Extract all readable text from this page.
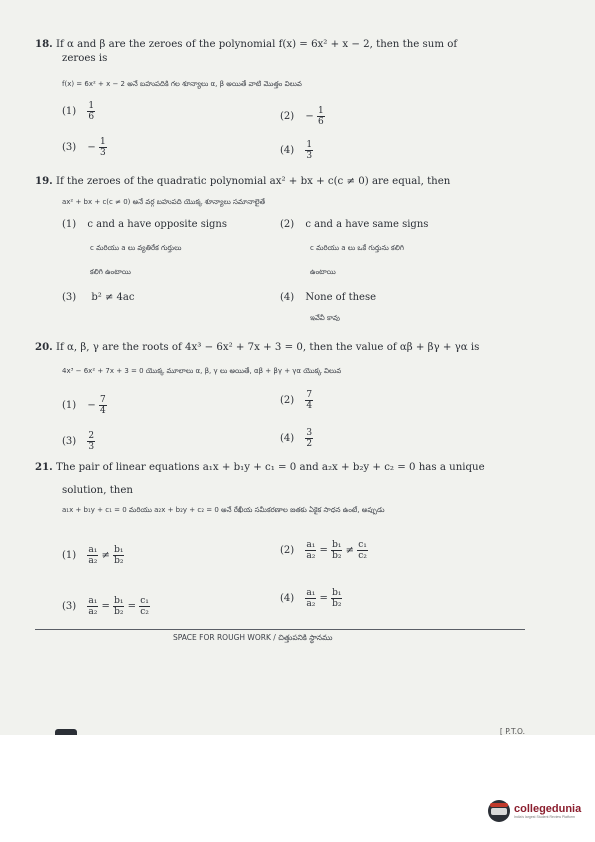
18. If α and β are the zeroes of the polynomial f(x) = 6x² + x − 2, then the sum of
zeroes is
f(x) = 6x² + x − 2 అనే బహుపదికి గల శూన్యాలు α, β అయితే వాటి మొత్తం విలువ
$(1) \frac{1}{6}$	$(2) - \frac{1}{6}$
$(3) - \frac{1}{3}$	$(4) \frac{1}{3}$
19. If the zeroes of the quadratic polynomial ax² + bx + c(c ≠ 0) are equal, then
ax² + bx + c(c ≠ 0) అనే వర్గ బహుపది యొక్క శూన్యాలు సమానాలైతే
(1) c and a have opposite signs
c మరియు a లు వ్యతిరేక గుర్తులు
కలిగి ఉంటాయి
(2) c and a have same signs
c మరియు a లు ఒకే గుర్తును కలిగి
ఉంటాయి
(3) b² ≠ 4ac	(4) None of these
ఇవేవీ కావు
20. If α, β, γ are the roots of 4x³ − 6x² + 7x + 3 = 0, then the value of αβ + βγ + γα is
4x³ − 6x² + 7x + 3 = 0 యొక్క మూలాలు α, β, γ లు అయితే, αβ + βγ + γα యొక్క విలువ
$(1) - \frac{7}{4}$	$(2) \frac{7}{4}$
$(3) \frac{2}{3}$	$(4) \frac{3}{2}$
21. The pair of linear equations a₁x + b₁y + c₁ = 0 and a₂x + b₂y + c₂ = 0 has a unique
solution, then
a₁x + b₁y + c₁ = 0 మరియు a₂x + b₂y + c₂ = 0 అనే రేఖీయ సమీకరణాల జతకు ఏకైక సాధన ఉంటే, అప్పుడు
$(1) \frac{\text{a₁}}{\text{a₂}} \ne \frac{\text{b₁}}{\text{b₂}}$	$(2) \frac{\text{a₁}}{\text{a₂}} = \frac{\text{b₁}}{\text{b₂}} \ne \frac{\text{c₁}}{\text{c₂}}$
$(3) \frac{\text{a₁}}{\text{a₂}} = \frac{\text{b₁}}{\text{b₂}} = \frac{\text{c₁}}{\text{c₂}}$	$(4) \frac{\text{a₁}}{\text{a₂}} = \frac{\text{b₁}}{\text{b₂}}$
SPACE FOR ROUGH WORK / చిత్తుపనికి స్థానము
[ P.T.O.
collegedunia
India's largest Student Review Platform
